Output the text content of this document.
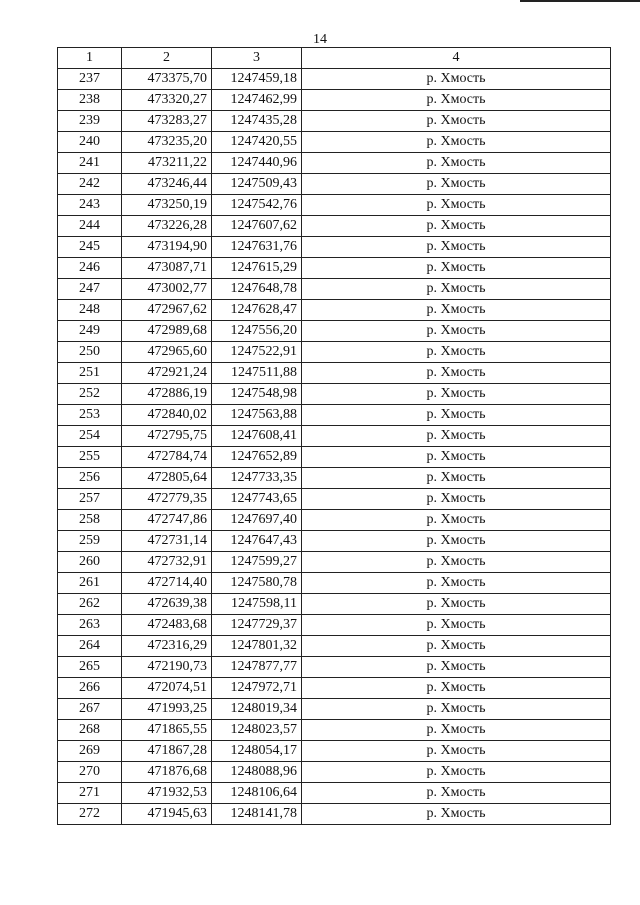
14
1	2	3	4
237	473375,70	1247459,18	р. Хмость
238	473320,27	1247462,99	р. Хмость
239	473283,27	1247435,28	р. Хмость
240	473235,20	1247420,55	р. Хмость
241	473211,22	1247440,96	р. Хмость
242	473246,44	1247509,43	р. Хмость
243	473250,19	1247542,76	р. Хмость
244	473226,28	1247607,62	р. Хмость
245	473194,90	1247631,76	р. Хмость
246	473087,71	1247615,29	р. Хмость
247	473002,77	1247648,78	р. Хмость
248	472967,62	1247628,47	р. Хмость
249	472989,68	1247556,20	р. Хмость
250	472965,60	1247522,91	р. Хмость
251	472921,24	1247511,88	р. Хмость
252	472886,19	1247548,98	р. Хмость
253	472840,02	1247563,88	р. Хмость
254	472795,75	1247608,41	р. Хмость
255	472784,74	1247652,89	р. Хмость
256	472805,64	1247733,35	р. Хмость
257	472779,35	1247743,65	р. Хмость
258	472747,86	1247697,40	р. Хмость
259	472731,14	1247647,43	р. Хмость
260	472732,91	1247599,27	р. Хмость
261	472714,40	1247580,78	р. Хмость
262	472639,38	1247598,11	р. Хмость
263	472483,68	1247729,37	р. Хмость
264	472316,29	1247801,32	р. Хмость
265	472190,73	1247877,77	р. Хмость
266	472074,51	1247972,71	р. Хмость
267	471993,25	1248019,34	р. Хмость
268	471865,55	1248023,57	р. Хмость
269	471867,28	1248054,17	р. Хмость
270	471876,68	1248088,96	р. Хмость
271	471932,53	1248106,64	р. Хмость
272	471945,63	1248141,78	р. Хмость
